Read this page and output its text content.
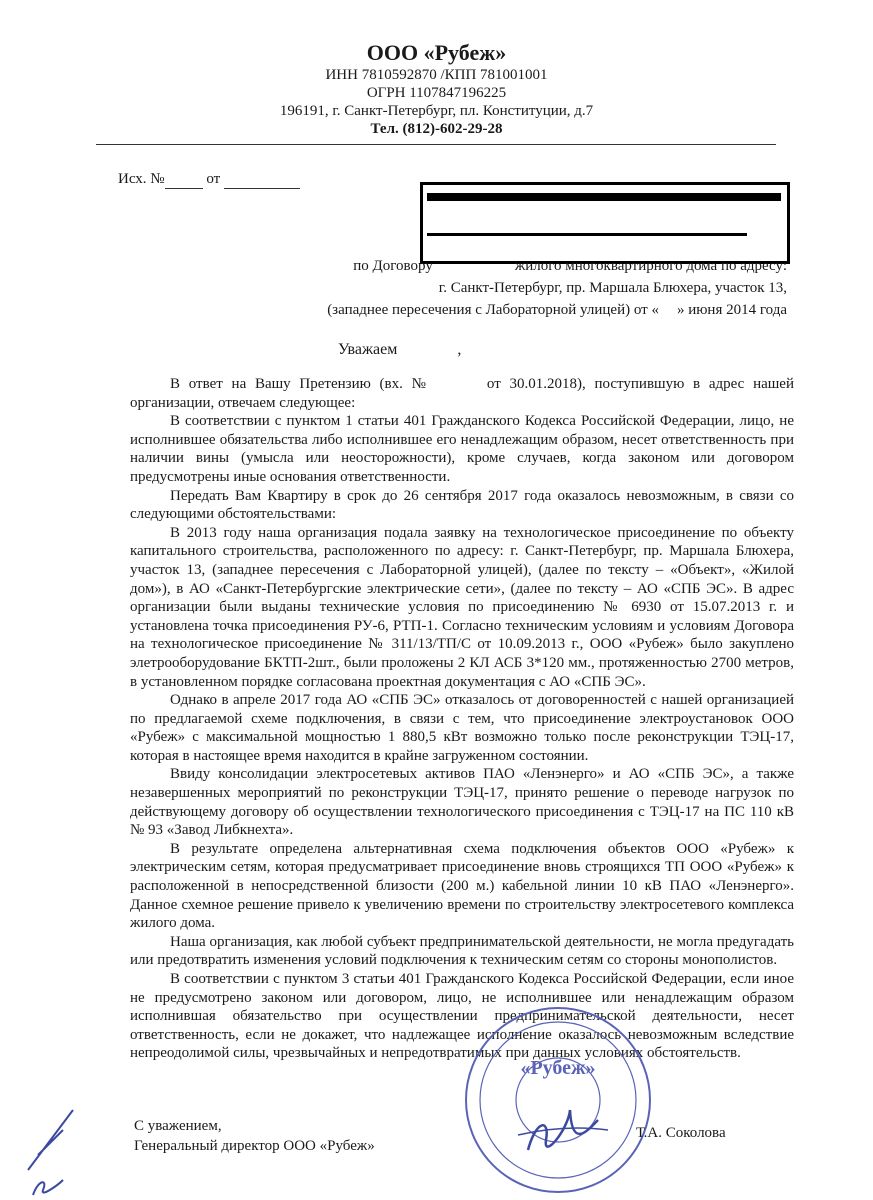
ООО «Рубеж»
ИНН 7810592870 /КПП 781001001
ОГРН 1107847196225
196191, г. Санкт-Петербург, пл. Конституции, д.7
Тел. (812)-602-29-28
Исх. №	от
по Договору	жилого многоквартирного дома по адресу:
г. Санкт-Петербург, пр. Маршала Блюхера, участок 13,
(западнее пересечения с Лабораторной улицей) от « » июня 2014 года
Уважаем	,

В ответ на Вашу Претензию (вх. №	от 30.01.2018), поступившую в адрес нашей организации, отвечаем следующее:

В соответствии с пунктом 1 статьи 401 Гражданского Кодекса Российской Федерации, лицо, не исполнившее обязательства либо исполнившее его ненадлежащим образом, несет ответственность при наличии вины (умысла или неосторожности), кроме случаев, когда законом или договором предусмотрены иные основания ответственности.

Передать Вам Квартиру в срок до 26 сентября 2017 года оказалось невозможным, в связи со следующими обстоятельствами:

В 2013 году наша организация подала заявку на технологическое присоединение по объекту капитального строительства, расположенного по адресу: г. Санкт-Петербург, пр. Маршала Блюхера, участок 13, (западнее пересечения с Лабораторной улицей), (далее по тексту – «Объект», «Жилой дом»), в АО «Санкт-Петербургские электрические сети», (далее по тексту – АО «СПБ ЭС». В адрес организации были выданы технические условия по присоединению № 6930 от 15.07.2013 г. и установлена точка присоединения РУ-6, РТП-1. Согласно техническим условиям и условиям Договора на технологическое присоединение № 311/13/ТП/С от 10.09.2013 г., ООО «Рубеж» было закуплено элетрооборудование БКТП-2шт., были проложены 2 КЛ АСБ 3*120 мм., протяженностью 2700 метров, в установленном порядке согласована проектная документация с АО «СПБ ЭС».

Однако в апреле 2017 года АО «СПБ ЭС» отказалось от договоренностей с нашей организацией по предлагаемой схеме подключения, в связи с тем, что присоединение электроустановок ООО «Рубеж» с максимальной мощностью 1 880,5 кВт возможно только после реконструкции ТЭЦ-17, которая в настоящее время находится в крайне загруженном состоянии.

Ввиду консолидации электросетевых активов ПАО «Ленэнерго» и АО «СПБ ЭС», а также незавершенных мероприятий по реконструкции ТЭЦ-17, принято решение о переводе нагрузок по действующему договору об осуществлении технологического присоединения с ТЭЦ-17 на ПС 110 кВ № 93 «Завод Либкнехта».

В результате определена альтернативная схема подключения объектов ООО «Рубеж» к электрическим сетям, которая предусматривает присоединение вновь строящихся ТП ООО «Рубеж» к расположенной в непосредственной близости (200 м.) кабельной линии 10 кВ ПАО «Ленэнерго». Данное схемное решение привело к увеличению времени по строительству электросетевого комплекса жилого дома.

Наша организация, как любой субъект предпринимательской деятельности, не могла предугадать или предотвратить изменения условий подключения к техническим сетям со стороны монополистов.

В соответствии с пунктом 3 статьи 401 Гражданского Кодекса Российской Федерации, если иное не предусмотрено законом или договором, лицо, не исполнившее или ненадлежащим образом исполнившая обязательство при осуществлении предпринимательской деятельности, несет ответственность, если не докажет, что надлежащее исполнение оказалось невозможным вследствие непреодолимой силы, чрезвычайных и непредотвратимых при данных условиях обстоятельств.

«Рубеж»
С уважением,
Генеральный директор ООО «Рубеж»
Т.А. Соколова
